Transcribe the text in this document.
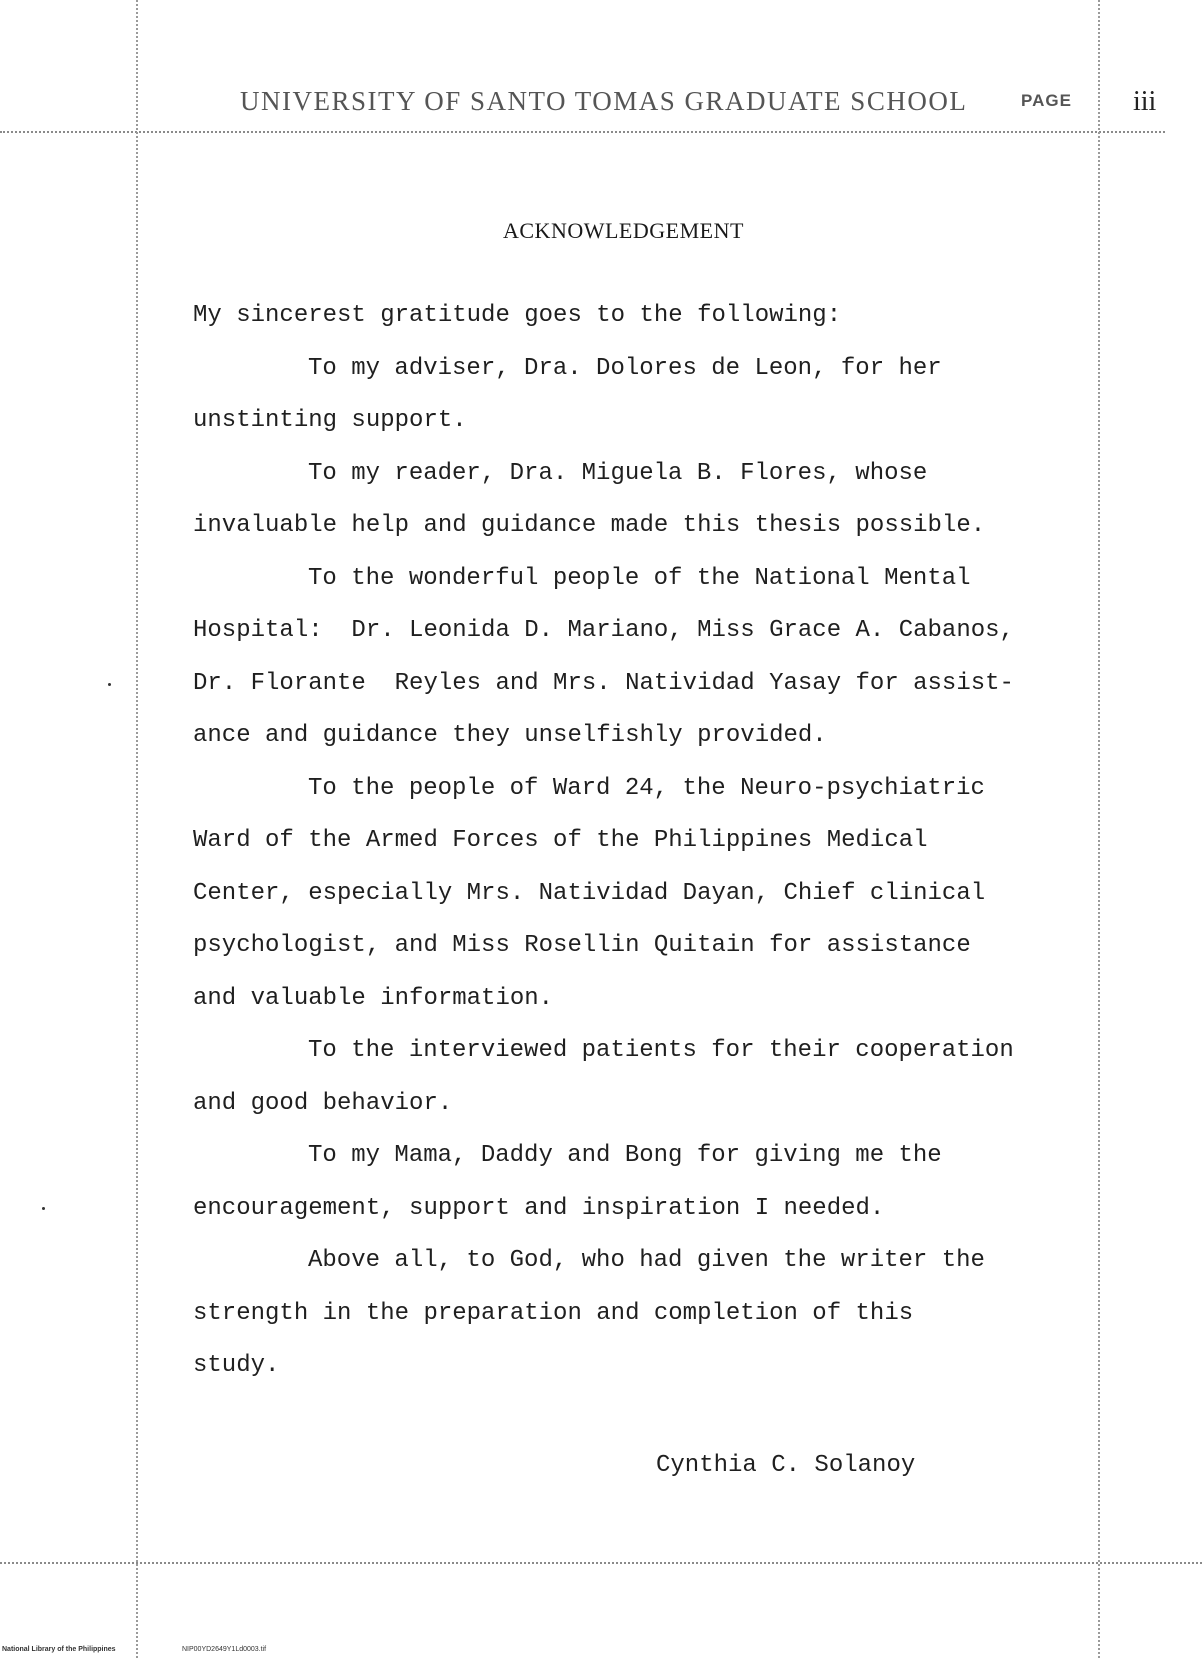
UNIVERSITY OF SANTO TOMAS GRADUATE SCHOOL	PAGE iii
ACKNOWLEDGEMENT
My sincerest gratitude goes to the following:
To my adviser, Dra. Dolores de Leon, for her
unstinting support.
To my reader, Dra. Miguela B. Flores, whose
invaluable help and guidance made this thesis possible.
To the wonderful people of the National Mental
Hospital:  Dr. Leonida D. Mariano, Miss Grace A. Cabanos,
Dr. Florante  Reyles and Mrs. Natividad Yasay for assist-
ance and guidance they unselfishly provided.
To the people of Ward 24, the Neuro-psychiatric
Ward of the Armed Forces of the Philippines Medical
Center, especially Mrs. Natividad Dayan, Chief clinical
psychologist, and Miss Rosellin Quitain for assistance
and valuable information.
To the interviewed patients for their cooperation
and good behavior.
To my Mama, Daddy and Bong for giving me the
encouragement, support and inspiration I needed.
Above all, to God, who had given the writer the
strength in the preparation and completion of this
study.
Cynthia C. Solanoy
National Library of the Philippines	NIP00YD2649Y1Ld0003.tif
